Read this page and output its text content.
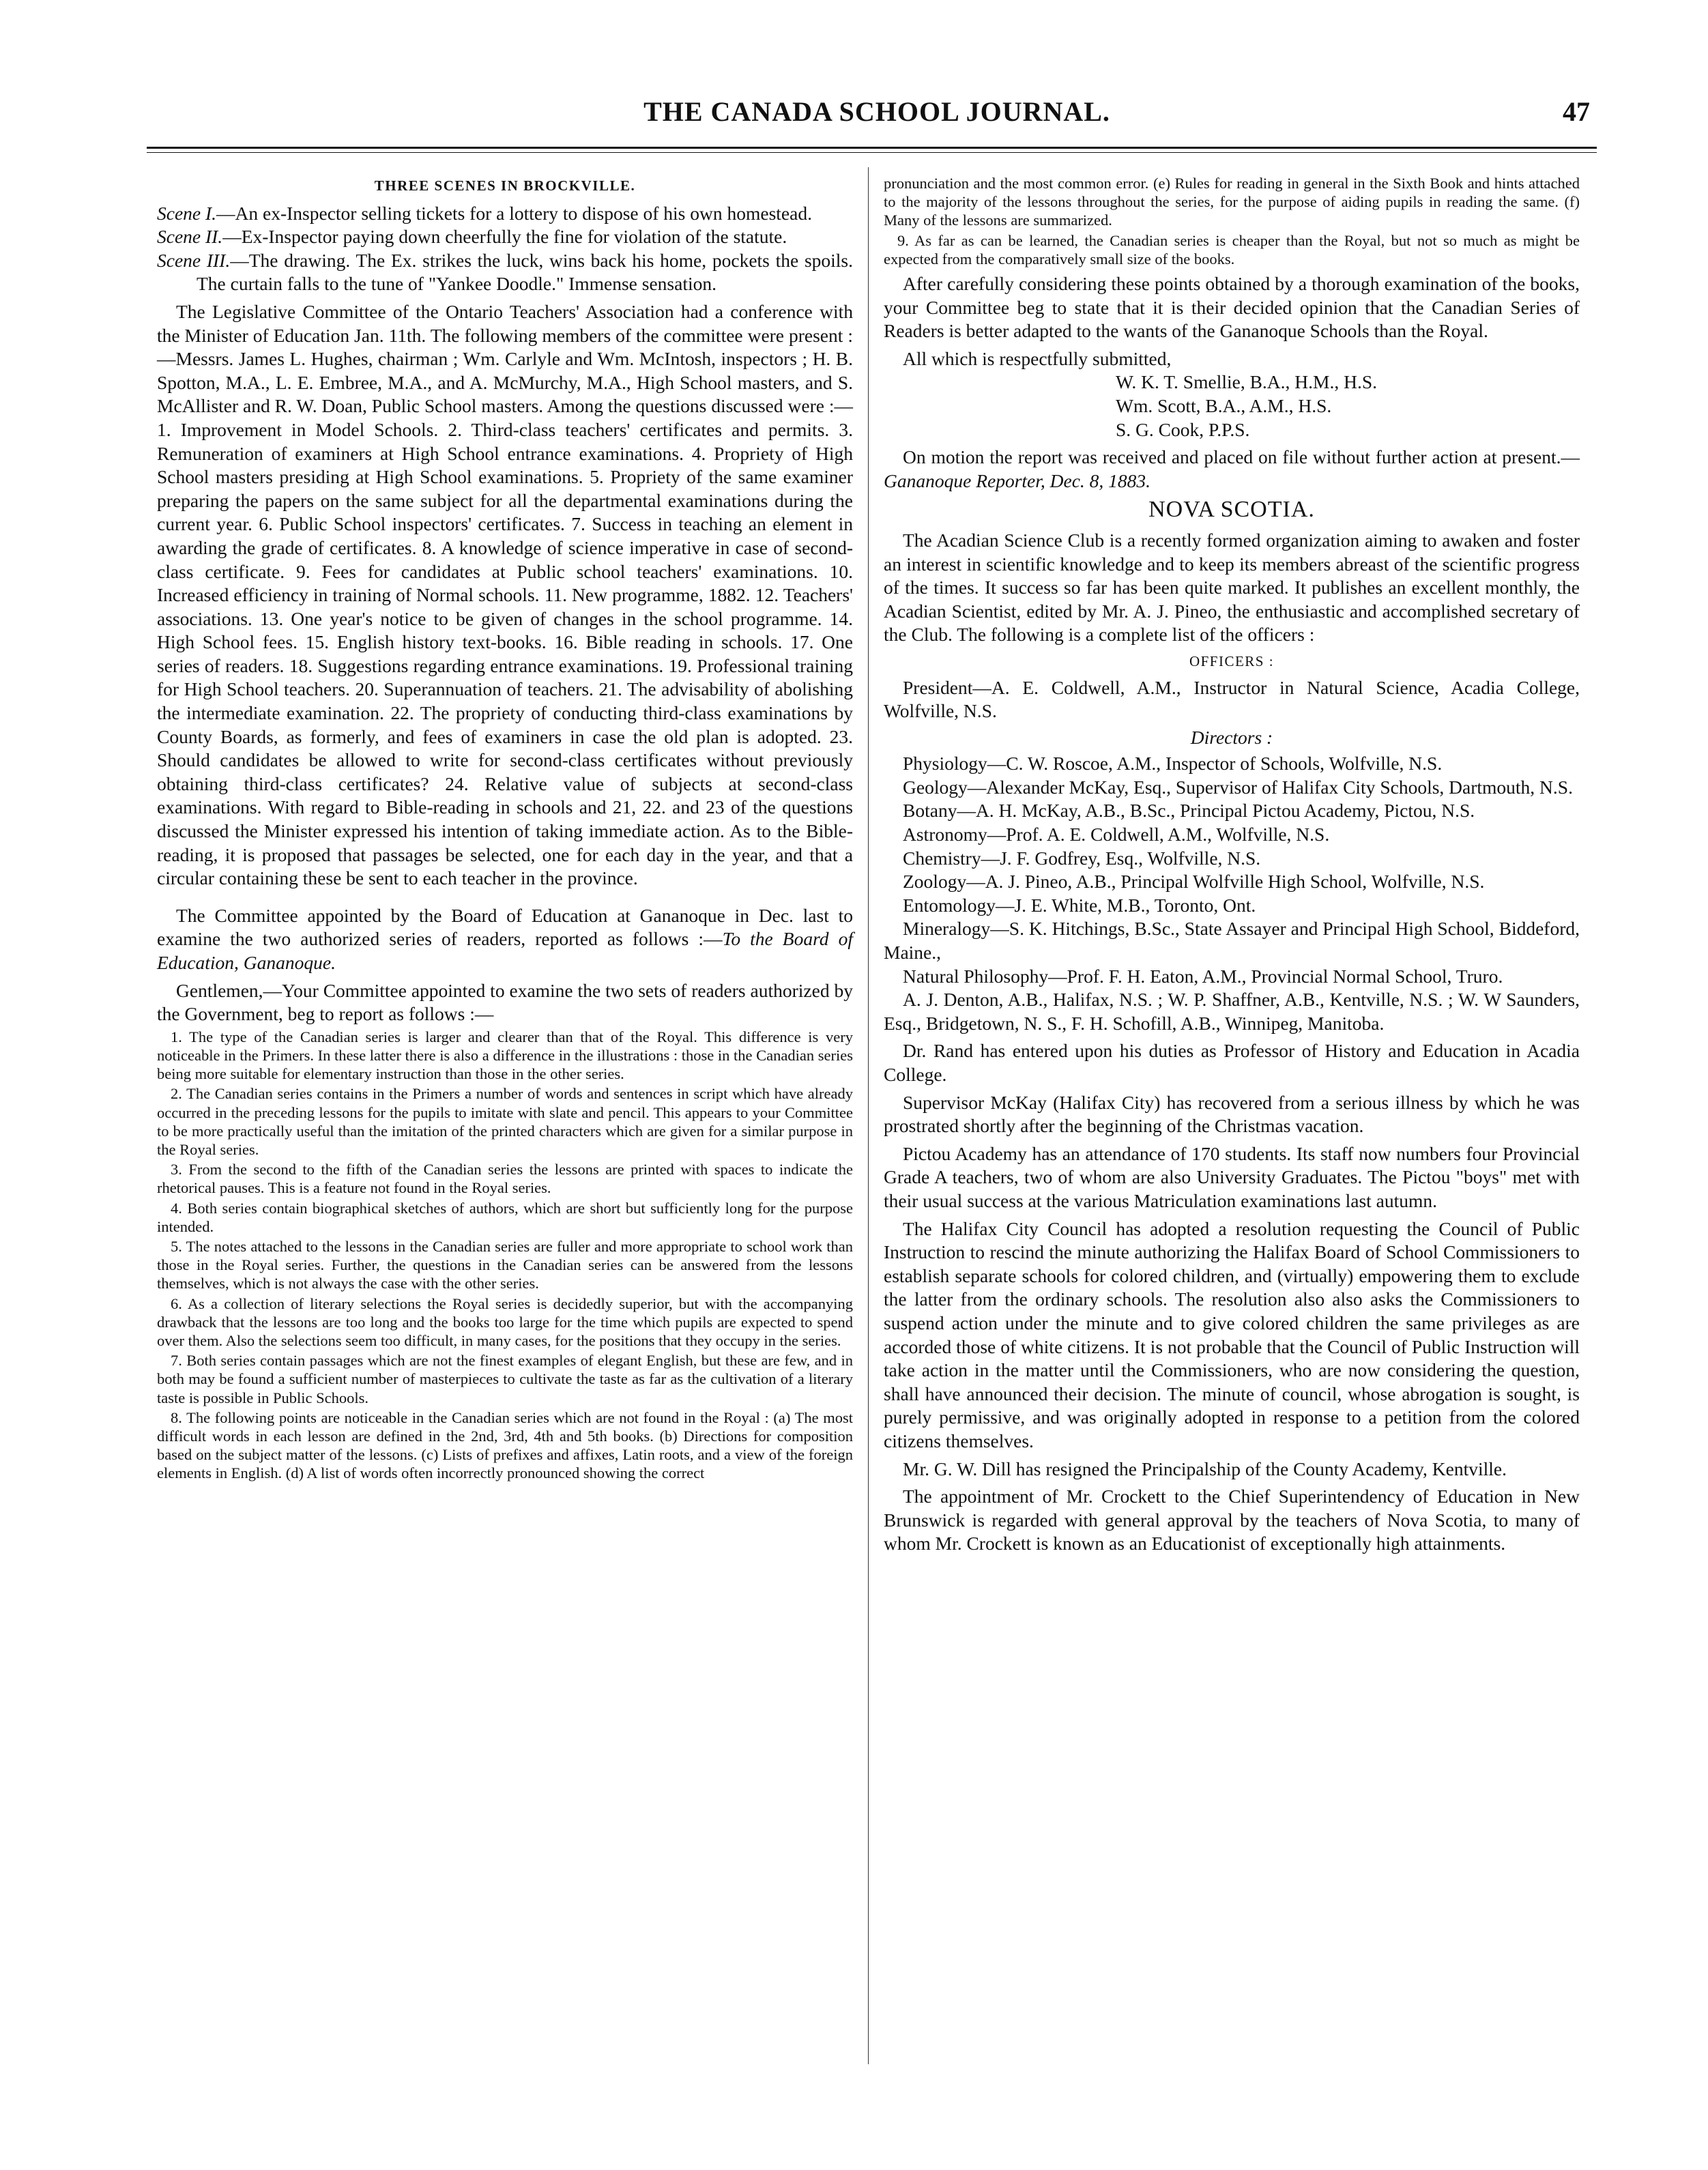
THE CANADA SCHOOL JOURNAL.	47

THREE SCENES IN BROCKVILLE.

Scene I.—An ex-Inspector selling tickets for a lottery to dispose of his own homestead.

Scene II.—Ex-Inspector paying down cheerfully the fine for violation of the statute.

Scene III.—The drawing. The Ex. strikes the luck, wins back his home, pockets the spoils. The curtain falls to the tune of "Yankee Doodle." Immense sensation.

The Legislative Committee of the Ontario Teachers' Association had a conference with the Minister of Education Jan. 11th. The following members of the committee were present :—Messrs. James L. Hughes, chairman ; Wm. Carlyle and Wm. McIntosh, inspectors ; H. B. Spotton, M.A., L. E. Embree, M.A., and A. McMurchy, M.A., High School masters, and S. McAllister and R. W. Doan, Public School masters. Among the questions discussed were :—1. Improvement in Model Schools. 2. Third-class teachers' certificates and permits. 3. Remuneration of examiners at High School entrance examinations. 4. Propriety of High School masters presiding at High School examinations. 5. Propriety of the same examiner preparing the papers on the same subject for all the departmental examinations during the current year. 6. Public School inspectors' certificates. 7. Success in teaching an element in awarding the grade of certificates. 8. A knowledge of science imperative in case of second-class certificate. 9. Fees for candidates at Public school teachers' examinations. 10. Increased efficiency in training of Normal schools. 11. New programme, 1882. 12. Teachers' associations. 13. One year's notice to be given of changes in the school programme. 14. High School fees. 15. English history text-books. 16. Bible reading in schools. 17. One series of readers. 18. Suggestions regarding entrance examinations. 19. Professional training for High School teachers. 20. Superannuation of teachers. 21. The advisability of abolishing the intermediate examination. 22. The propriety of conducting third-class examinations by County Boards, as formerly, and fees of examiners in case the old plan is adopted. 23. Should candidates be allowed to write for second-class certificates without previously obtaining third-class certificates? 24. Relative value of subjects at second-class examinations. With regard to Bible-reading in schools and 21, 22. and 23 of the questions discussed the Minister expressed his intention of taking immediate action. As to the Bible-reading, it is proposed that passages be selected, one for each day in the year, and that a circular containing these be sent to each teacher in the province.

The Committee appointed by the Board of Education at Gananoque in Dec. last to examine the two authorized series of readers, reported as follows :—To the Board of Education, Gananoque.

Gentlemen,—Your Committee appointed to examine the two sets of readers authorized by the Government, beg to report as follows :—

1. The type of the Canadian series is larger and clearer than that of the Royal. This difference is very noticeable in the Primers. In these latter there is also a difference in the illustrations : those in the Canadian series being more suitable for elementary instruction than those in the other series.

2. The Canadian series contains in the Primers a number of words and sentences in script which have already occurred in the preceding lessons for the pupils to imitate with slate and pencil. This appears to your Committee to be more practically useful than the imitation of the printed characters which are given for a similar purpose in the Royal series.

3. From the second to the fifth of the Canadian series the lessons are printed with spaces to indicate the rhetorical pauses. This is a feature not found in the Royal series.

4. Both series contain biographical sketches of authors, which are short but sufficiently long for the purpose intended.

5. The notes attached to the lessons in the Canadian series are fuller and more appropriate to school work than those in the Royal series. Further, the questions in the Canadian series can be answered from the lessons themselves, which is not always the case with the other series.

6. As a collection of literary selections the Royal series is decidedly superior, but with the accompanying drawback that the lessons are too long and the books too large for the time which pupils are expected to spend over them. Also the selections seem too difficult, in many cases, for the positions that they occupy in the series.

7. Both series contain passages which are not the finest examples of elegant English, but these are few, and in both may be found a sufficient number of masterpieces to cultivate the taste as far as the cultivation of a literary taste is possible in Public Schools.

8. The following points are noticeable in the Canadian series which are not found in the Royal : (a) The most difficult words in each lesson are defined in the 2nd, 3rd, 4th and 5th books. (b) Directions for composition based on the subject matter of the lessons. (c) Lists of prefixes and affixes, Latin roots, and a view of the foreign elements in English. (d) A list of words often incorrectly pronounced showing the correct

pronunciation and the most common error. (e) Rules for reading in general in the Sixth Book and hints attached to the majority of the lessons throughout the series, for the purpose of aiding pupils in reading the same. (f) Many of the lessons are summarized.

9. As far as can be learned, the Canadian series is cheaper than the Royal, but not so much as might be expected from the comparatively small size of the books.

After carefully considering these points obtained by a thorough examination of the books, your Committee beg to state that it is their decided opinion that the Canadian Series of Readers is better adapted to the wants of the Gananoque Schools than the Royal.

All which is respectfully submitted,

W. K. T. Smellie, B.A., H.M., H.S.

Wm. Scott, B.A., A.M., H.S.

S. G. Cook, P.P.S.

On motion the report was received and placed on file without further action at present.—Gananoque Reporter, Dec. 8, 1883.

NOVA SCOTIA.

The Acadian Science Club is a recently formed organization aiming to awaken and foster an interest in scientific knowledge and to keep its members abreast of the scientific progress of the times. It success so far has been quite marked. It publishes an excellent monthly, the Acadian Scientist, edited by Mr. A. J. Pineo, the enthusiastic and accomplished secretary of the Club. The following is a complete list of the officers :

OFFICERS :

President—A. E. Coldwell, A.M., Instructor in Natural Science, Acadia College, Wolfville, N.S.

Directors :

Physiology—C. W. Roscoe, A.M., Inspector of Schools, Wolfville, N.S.

Geology—Alexander McKay, Esq., Supervisor of Halifax City Schools, Dartmouth, N.S.

Botany—A. H. McKay, A.B., B.Sc., Principal Pictou Academy, Pictou, N.S.

Astronomy—Prof. A. E. Coldwell, A.M., Wolfville, N.S.

Chemistry—J. F. Godfrey, Esq., Wolfville, N.S.

Zoology—A. J. Pineo, A.B., Principal Wolfville High School, Wolfville, N.S.

Entomology—J. E. White, M.B., Toronto, Ont.

Mineralogy—S. K. Hitchings, B.Sc., State Assayer and Principal High School, Biddeford, Maine.,

Natural Philosophy—Prof. F. H. Eaton, A.M., Provincial Normal School, Truro.

A. J. Denton, A.B., Halifax, N.S. ; W. P. Shaffner, A.B., Kentville, N.S. ; W. W Saunders, Esq., Bridgetown, N. S., F. H. Schofill, A.B., Winnipeg, Manitoba.

Dr. Rand has entered upon his duties as Professor of History and Education in Acadia College.

Supervisor McKay (Halifax City) has recovered from a serious illness by which he was prostrated shortly after the beginning of the Christmas vacation.

Pictou Academy has an attendance of 170 students. Its staff now numbers four Provincial Grade A teachers, two of whom are also University Graduates. The Pictou "boys" met with their usual success at the various Matriculation examinations last autumn.

The Halifax City Council has adopted a resolution requesting the Council of Public Instruction to rescind the minute authorizing the Halifax Board of School Commissioners to establish separate schools for colored children, and (virtually) empowering them to exclude the latter from the ordinary schools. The resolution also also asks the Commissioners to suspend action under the minute and to give colored children the same privileges as are accorded those of white citizens. It is not probable that the Council of Public Instruction will take action in the matter until the Commissioners, who are now considering the question, shall have announced their decision. The minute of council, whose abrogation is sought, is purely permissive, and was originally adopted in response to a petition from the colored citizens themselves.

Mr. G. W. Dill has resigned the Principalship of the County Academy, Kentville.

The appointment of Mr. Crockett to the Chief Superintendency of Education in New Brunswick is regarded with general approval by the teachers of Nova Scotia, to many of whom Mr. Crockett is known as an Educationist of exceptionally high attainments.
